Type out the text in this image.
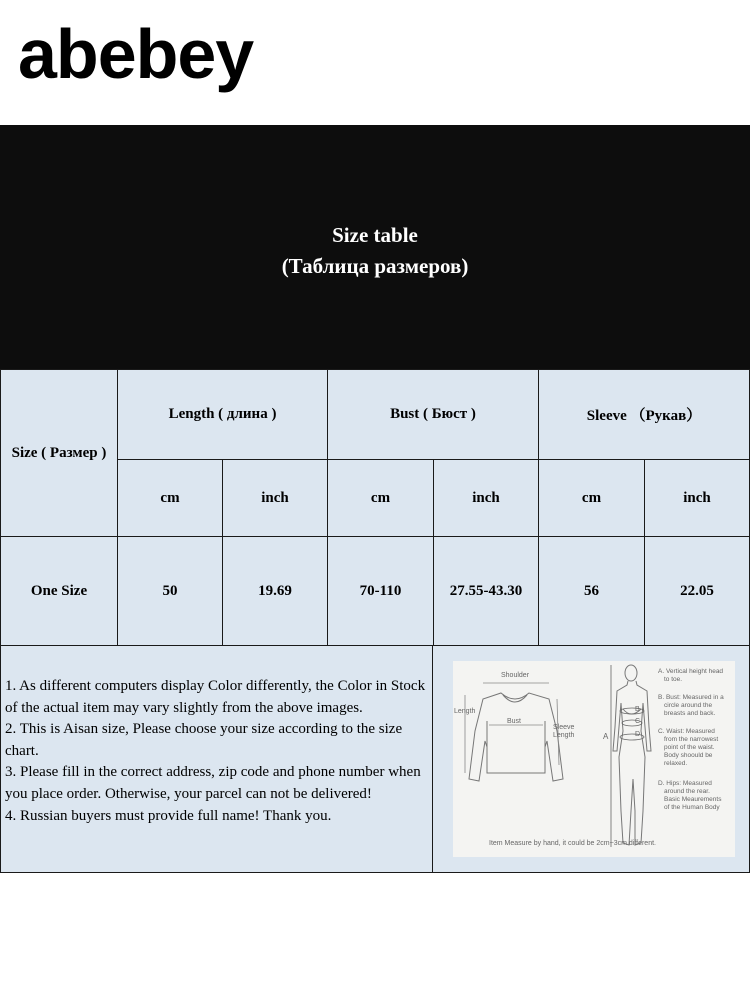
abebey
Size table
(Таблица размеров)
Size ( Размер )
Length ( длина )	Bust ( Бюст )	Sleeve （Рукав）
cm	inch	cm	inch	cm	inch
One Size	50	19.69	70-110	27.55-43.30	56	22.05

1. As different computers display Color differently, the Color in Stock of the actual item may vary slightly from the above images.

2. This is Aisan size, Please choose your size according to the size chart.

3. Please fill in the correct address, zip code and phone number when you place order. Otherwise, your parcel can not be delivered!

4. Russian buyers must provide full name! Thank you.

Shoulder
Length
Bust
Sleeve
Length	A
B
C
D
A. Vertical height head
to toe.
B. Bust: Measured in a
circle around the
breasts and back.
C. Waist: Measured
from the narrowest
point of the waist.
Body shoould be
relaxed.
D. Hips: Measured
around the rear.
Basic Meaurements
of the Human Body
Item Measure by hand, it could be 2cm~3cm different.
